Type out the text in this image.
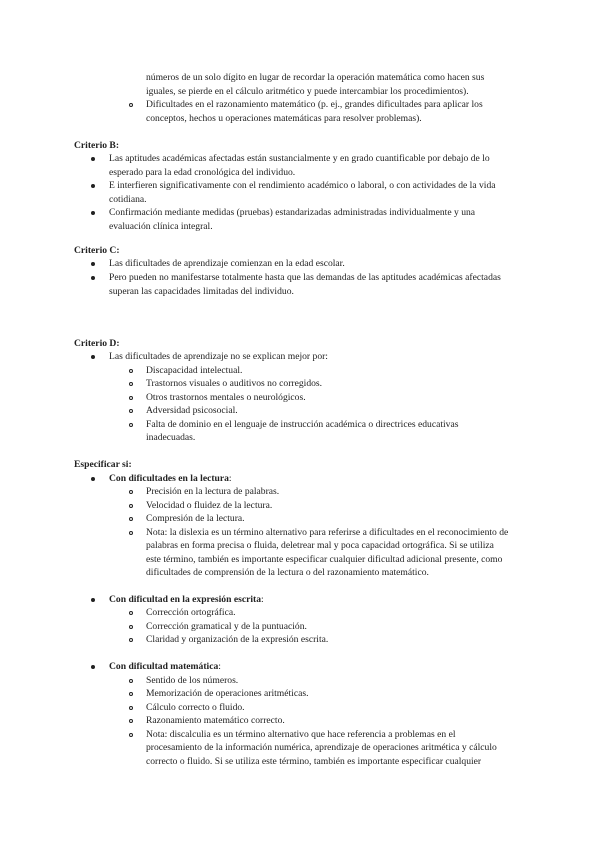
números de un solo dígito en lugar de recordar la operación matemática como hacen sus
iguales, se pierde en el cálculo aritmético y puede intercambiar los procedimientos).
Dificultades en el razonamiento matemático (p. ej., grandes dificultades para aplicar los
conceptos, hechos u operaciones matemáticas para resolver problemas).
Criterio B:
Las aptitudes académicas afectadas están sustancialmente y en grado cuantificable por debajo de lo
esperado para la edad cronológica del individuo.
E interfieren significativamente con el rendimiento académico o laboral, o con actividades de la vida
cotidiana.
Confirmación mediante medidas (pruebas) estandarizadas administradas individualmente y una
evaluación clínica integral.
Criterio C:
Las dificultades de aprendizaje comienzan en la edad escolar.
Pero pueden no manifestarse totalmente hasta que las demandas de las aptitudes académicas afectadas
superan las capacidades limitadas del individuo.
Criterio D:
Las dificultades de aprendizaje no se explican mejor por:
Discapacidad intelectual.
Trastornos visuales o auditivos no corregidos.
Otros trastornos mentales o neurológicos.
Adversidad psicosocial.
Falta de dominio en el lenguaje de instrucción académica o directrices educativas
inadecuadas.
Especificar si:
Con dificultades en la lectura:
Precisión en la lectura de palabras.
Velocidad o fluidez de la lectura.
Compresión de la lectura.
Nota: la dislexia es un término alternativo para referirse a dificultades en el reconocimiento de
palabras en forma precisa o fluida, deletrear mal y poca capacidad ortográfica. Si se utiliza
este término, también es importante especificar cualquier dificultad adicional presente, como
dificultades de comprensión de la lectura o del razonamiento matemático.
Con dificultad en la expresión escrita:
Corrección ortográfica.
Corrección gramatical y de la puntuación.
Claridad y organización de la expresión escrita.
Con dificultad matemática:
Sentido de los números.
Memorización de operaciones aritméticas.
Cálculo correcto o fluido.
Razonamiento matemático correcto.
Nota: discalculia es un término alternativo que hace referencia a problemas en el
procesamiento de la información numérica, aprendizaje de operaciones aritmética y cálculo
correcto o fluido. Si se utiliza este término, también es importante especificar cualquier
